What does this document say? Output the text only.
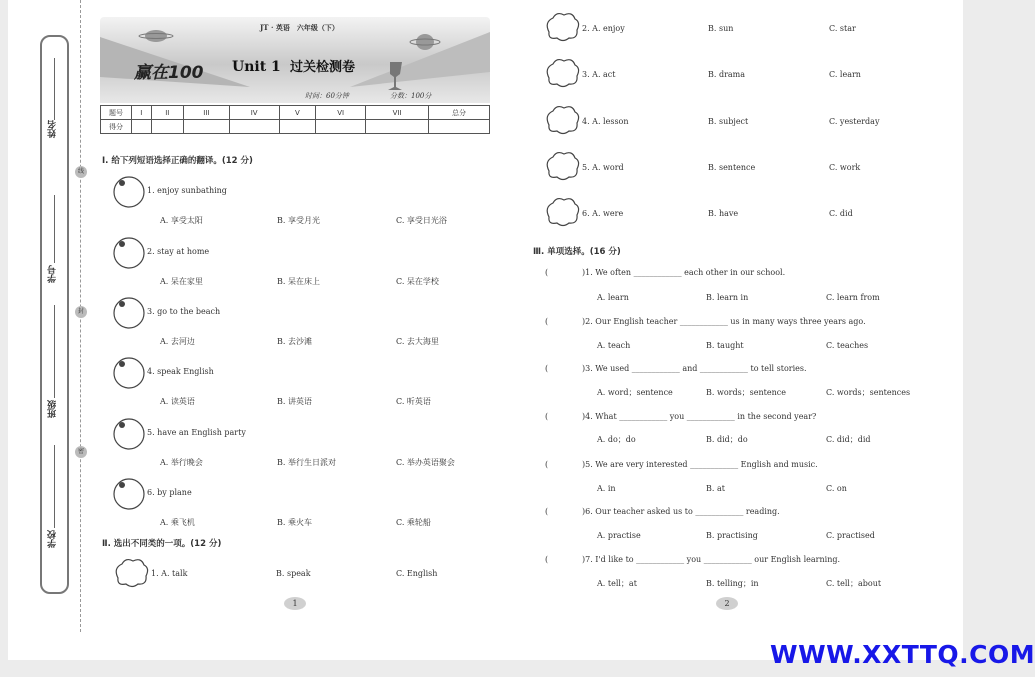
姓名
学号
班级
学校
线
封
密
JT · 英语　六年级（下）
赢在100 Unit 1 过关检测卷
时间：60分钟	分数：100分
题号	I	II	III	IV	V	VI	VII	总分
得分								
Ⅰ. 给下列短语选择正确的翻译。(12 分)
1. enjoy sunbathing
A. 享受太阳	B. 享受月光	C. 享受日光浴
2. stay at home
A. 呆在家里	B. 呆在床上	C. 呆在学校
3. go to the beach
A. 去河边	B. 去沙滩	C. 去大海里
4. speak English
A. 读英语	B. 讲英语	C. 听英语
5. have an English party
A. 举行晚会	B. 举行生日派对	C. 举办英语聚会
6. by plane
A. 乘飞机	B. 乘火车	C. 乘轮船
Ⅱ. 选出不同类的一项。(12 分)
1. A. talk	B. speak	C. English
2. A. enjoy	B. sun	C. star
3. A. act	B. drama	C. learn
4. A. lesson	B. subject	C. yesterday
5. A. word	B. sentence	C. work
6. A. were	B. have	C. did
Ⅲ. 单项选择。(16 分)
(	)1. We often ____________ each other in our school.
A. learn	B. learn in	C. learn from
(	)2. Our English teacher ____________ us in many ways three years ago.
A. teach	B. taught	C. teaches
(	)3. We used ____________ and ____________ to tell stories.
A. word；sentence	B. words；sentence	C. words；sentences
(	)4. What ____________ you ____________ in the second year?
A. do；do	B. did；do	C. did；did
(	)5. We are very interested ____________ English and music.
A. in	B. at	C. on
(	)6. Our teacher asked us to ____________ reading.
A. practise	B. practising	C. practised
(	)7. I'd like to ____________ you ____________ our English learning.
A. tell；at	B. telling；in	C. tell；about
1	2
WWW.XXTTQ.COM
